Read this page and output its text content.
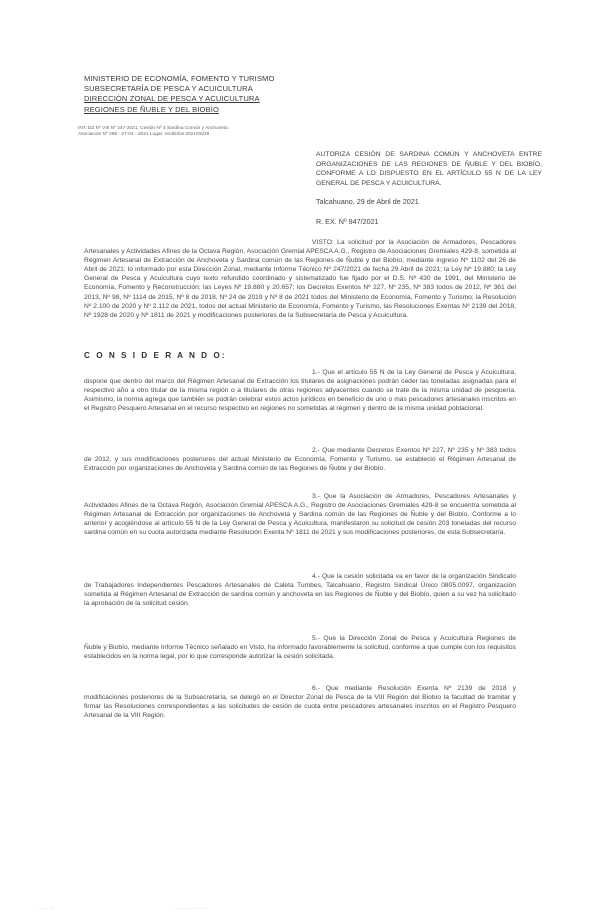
MINISTERIO DE ECONOMÍA, FOMENTO Y TURISMO
SUBSECRETARÍA DE PESCA Y ACUICULTURA
DIRECCIÓN ZONAL DE PESCA Y ACUICULTURA
REGIONES DE ÑUBLE Y DEL BIOBÍO
INT. DZ Nº VIII Nº 247-2021; Cesión Nº 4 Sardina Común y Anchoveta
Asociación Nº 298 - 27-04 - 2021 Lugar: recibidos 2021/05/29
AUTORIZA CESIÓN DE SARDINA COMÚN Y ANCHOVETA ENTRE ORGANIZACIONES DE LAS REGIONES DE ÑUBLE Y DEL BIOBÍO, CONFORME A LO DISPUESTO EN EL ARTÍCULO 55 N DE LA LEY GENERAL DE PESCA Y ACUICULTURA.
Talcahuano, 29 de Abril de 2021
R. EX. Nº 947/2021
VISTO: La solicitud por la Asociación de Armadores, Pescadores Artesanales y Actividades Afines de la Octava Región, Asociación Gremial APESCA A.G., Registro de Asociaciones Gremiales 429-8, sometida al Régimen Artesanal de Extracción de Anchoveta y Sardina común de las Regiones de Ñuble y del Biobío, mediante ingreso Nº 1102 del 26 de Abril de 2021; lo informado por esta Dirección Zonal, mediante Informe Técnico Nº 247/2021 de fecha 29 Abril de 2021; la Ley Nº 19.880; la Ley General de Pesca y Acuicultura cuyo texto refundido coordinado y sistematizado fue fijado por el D.S. Nº 430 de 1991, del Ministerio de Economía, Fomento y Reconstrucción; las Leyes Nº 19.880 y 20.657; los Decretos Exentos Nº 227, Nº 235, Nº 383 todos de 2012, Nº 361 del 2013, Nº 98, Nº 1114 de 2015, Nº 8 de 2018, Nº 24 de 2019 y Nº 8 de 2021 todos del Ministerio de Economía, Fomento y Turismo; la Resolución Nº 2.100 de 2020 y Nº 2.112 de 2021, todos del actual Ministerio de Economía, Fomento y Turismo, las Resoluciones Exentas Nº 2139 del 2018, Nº 1928 de 2020 y Nº 1811 de 2021 y modificaciones posteriores de la Subsecretaría de Pesca y Acuicultura.
C O N S I D E R A N D O:
1.- Que el artículo 55 N de la Ley General de Pesca y Acuicultura, dispone que dentro del marco del Régimen Artesanal de Extracción los titulares de asignaciones podrán ceder las toneladas asignadas para el respectivo año a otro titular de la misma región o a titulares de otras regiones adyacentes cuando se trate de la misma unidad de pesquería. Asimismo, la norma agrega que también se podrán celebrar estos actos jurídicos en beneficio de uno o más pescadores artesanales inscritos en el Registro Pesquero Artesanal en el recurso respectivo en regiones no sometidas al régimen y dentro de la misma unidad poblacional.
2.- Que mediante Decretos Exentos Nº 227, Nº 235 y Nº 383 todos de 2012, y sus modificaciones posteriores del actual Ministerio de Economía, Fomento y Turismo, se estableció el Régimen Artesanal de Extracción por organizaciones de Anchoveta y Sardina común de las Regiones de Ñuble y del Biobío.
3.- Que la Asociación de Armadores, Pescadores Artesanales y Actividades Afines de la Octava Región, Asociación Gremial APESCA A.G., Registro de Asociaciones Gremiales 429-8 se encuentra sometida al Régimen Artesanal de Extracción por organizaciones de Anchoveta y Sardina común de las Regiones de Ñuble y del Biobío. Conforme a lo anterior y acogiéndose al artículo 55 N de la Ley General de Pesca y Acuicultura, manifestaron su solicitud de cesión 203 toneladas del recurso sardina común en su cuota autorizada mediante Resolución Exenta Nº 1811 de 2021 y sus modificaciones posteriores, de esta Subsecretaría.
4.- Que la cesión solicitada va en favor de la organización Sindicato de Trabajadores Independientes Pescadores Artesanales de Caleta Tumbes, Talcahuano, Registro Sindical Único 0805.0097, organización sometida al Régimen Artesanal de Extracción de sardina común y anchoveta en las Regiones de Ñuble y del Biobío, quien a su vez ha solicitado la aprobación de la solicitud cesión.
5.- Que la Dirección Zonal de Pesca y Acuicultura Regiones de Ñuble y Biobío, mediante Informe Técnico señalado en Visto, ha informado favorablemente la solicitud, conforme a que cumple con los requisitos establecidos en la norma legal, por lo que corresponde autorizar la cesión solicitada.
6.- Que mediante Resolución Exenta Nº 2139 de 2018 y modificaciones posteriores de la Subsecretaría, se delegó en el Director Zonal de Pesca de la VIII Región del Biobío la facultad de tramitar y firmar las Resoluciones correspondientes a las solicitudes de cesión de cuota entre pescadores artesanales inscritos en el Registro Pesquero Artesanal de la VIII Región.
· · · · · ·	· · · · · · · · · · · ·
